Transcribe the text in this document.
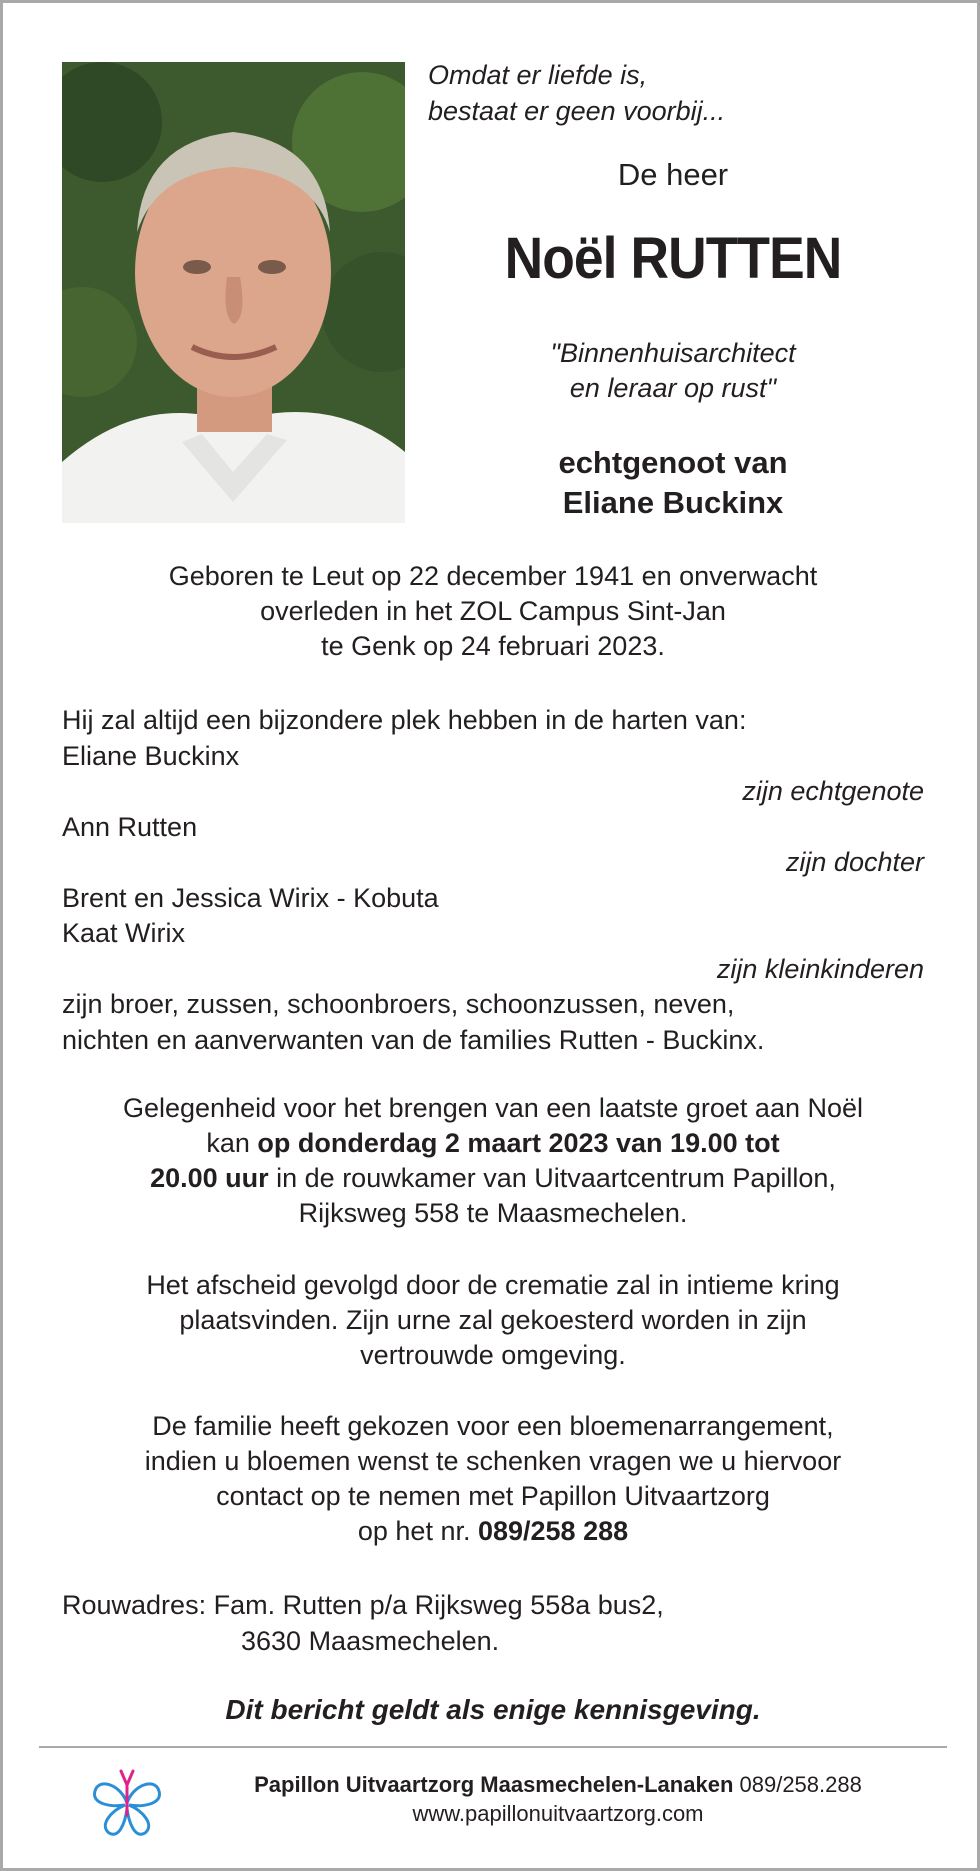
Omdat er liefde is,
bestaat er geen voorbij...
De heer
Noël RUTTEN
"Binnenhuisarchitect
en leraar op rust"
echtgenoot van
Eliane Buckinx
Geboren te Leut op 22 december 1941 en onverwacht
overleden in het ZOL Campus Sint-Jan
te Genk op 24 februari 2023.
Hij zal altijd een bijzondere plek hebben in de harten van:
Eliane Buckinx
zijn echtgenote
Ann Rutten
zijn dochter
Brent en Jessica Wirix - Kobuta
Kaat Wirix
zijn kleinkinderen
zijn broer, zussen, schoonbroers, schoonzussen, neven,
nichten en aanverwanten van de families Rutten - Buckinx.
Gelegenheid voor het brengen van een laatste groet aan Noël
kan op donderdag 2 maart 2023 van 19.00 tot
20.00 uur in de rouwkamer van Uitvaartcentrum Papillon,
Rijksweg 558 te Maasmechelen.
Het afscheid gevolgd door de crematie zal in intieme kring
plaatsvinden. Zijn urne zal gekoesterd worden in zijn
vertrouwde omgeving.
De familie heeft gekozen voor een bloemenarrangement,
indien u bloemen wenst te schenken vragen we u hiervoor
contact op te nemen met Papillon Uitvaartzorg
op het nr. 089/258 288
Rouwadres: Fam. Rutten p/a Rijksweg 558a bus2,
3630 Maasmechelen.
Dit bericht geldt als enige kennisgeving.
Papillon Uitvaartzorg Maasmechelen-Lanaken 089/258.288
www.papillonuitvaartzorg.com
